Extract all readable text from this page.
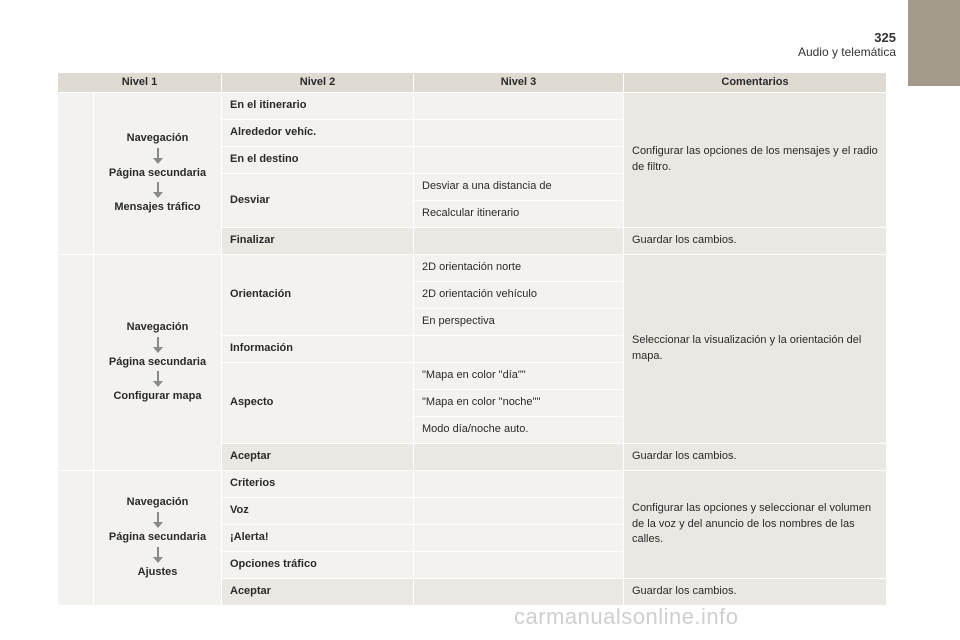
325
Audio y telemática
Nivel 1		Nivel 2	Nivel 3	Comentarios

	Navegación
Página secundaria
Mensajes tráfico	En el itinerario		Configurar las opciones de los mensajes y el radio de filtro.
		Alrededor vehíc.		
		En el destino		
		Desviar	Desviar a una distancia de	
			Recalcular itinerario	
		Finalizar		Guardar los cambios.

	Navegación
Página secundaria
Configurar mapa	Orientación	2D orientación norte	Seleccionar la visualización y la orientación del mapa.
			2D orientación vehículo	
			En perspectiva	
		Información		
		Aspecto	"Mapa en color "día""	
			"Mapa en color "noche""	
			Modo día/noche auto.	
		Aceptar		Guardar los cambios.

	Navegación
Página secundaria
Ajustes	Criterios		Configurar las opciones y seleccionar el volumen de la voz y del anuncio de los nombres de las calles.
		Voz		
		¡Alerta!		
		Opciones tráfico		
		Aceptar		Guardar los cambios.
carmanualsonline.info
